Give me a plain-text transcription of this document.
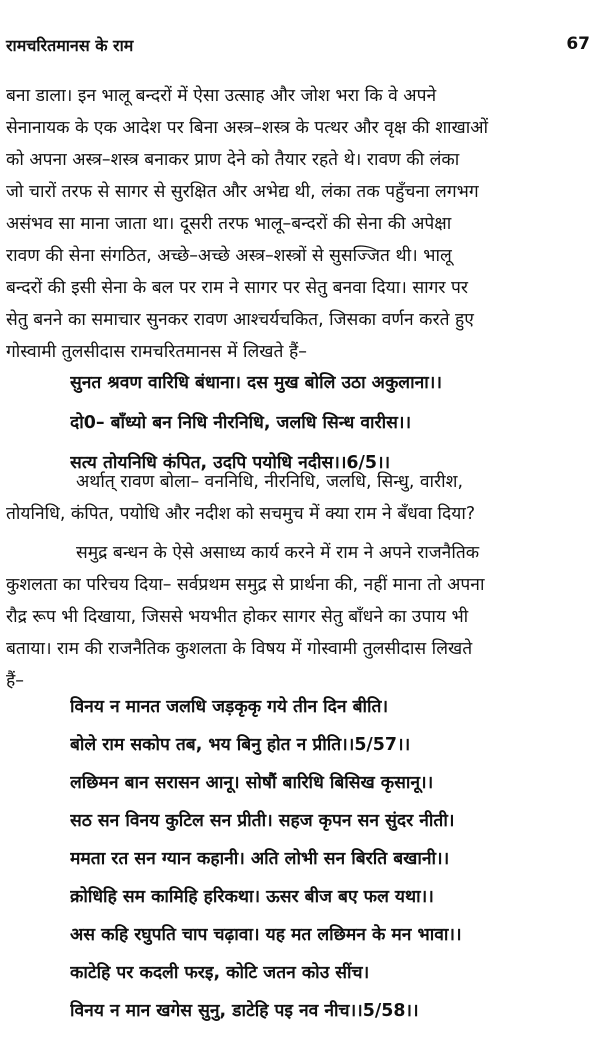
रामचरितमानस के राम	67
बना डाला। इन भालू बन्दरों में ऐसा उत्साह और जोश भरा कि वे अपने
सेनानायक के एक आदेश पर बिना अस्त्र–शस्त्र के पत्थर और वृक्ष की शाखाओं
को अपना अस्त्र–शस्त्र बनाकर प्राण देने को तैयार रहते थे। रावण की लंका
जो चारों तरफ से सागर से सुरक्षित और अभेद्य थी, लंका तक पहुँचना लगभग
असंभव सा माना जाता था। दूसरी तरफ भालू–बन्दरों की सेना की अपेक्षा
रावण की सेना संगठित, अच्छे–अच्छे अस्त्र–शस्त्रों से सुसज्जित थी। भालू
बन्दरों की इसी सेना के बल पर राम ने सागर पर सेतु बनवा दिया। सागर पर
सेतु बनने का समाचार सुनकर रावण आश्चर्यचकित, जिसका वर्णन करते हुए
गोस्वामी तुलसीदास रामचरितमानस में लिखते हैं–
सुनत श्रवण वारिधि बंधाना। दस मुख बोलि उठा अकुलाना।।
दो0– बाँध्यो बन निधि नीरनिधि, जलधि सिन्ध वारीस।।
सत्य तोयनिधि कंपित, उदपि पयोधि नदीस।।6/5।।
अर्थात् रावण बोला– वननिधि, नीरनिधि, जलधि, सिन्धु, वारीश,
तोयनिधि, कंपित, पयोधि और नदीश को सचमुच में क्या राम ने बँधवा दिया?
समुद्र बन्धन के ऐसे असाध्य कार्य करने में राम ने अपने राजनैतिक
कुशलता का परिचय दिया– सर्वप्रथम समुद्र से प्रार्थना की, नहीं माना तो अपना
रौद्र रूप भी दिखाया, जिससे भयभीत होकर सागर सेतु बाँधने का उपाय भी
बताया। राम की राजनैतिक कुशलता के विषय में गोस्वामी तुलसीदास लिखते
हैं–
विनय न मानत जलधि जड़कृकृ गये तीन दिन बीति।
बोले राम सकोप तब, भय बिनु होत न प्रीति।।5/57।।
लछिमन बान सरासन आनू। सोषौं बारिधि बिसिख कृसानू।।
सठ सन विनय कुटिल सन प्रीती। सहज कृपन सन सुंदर नीती।
ममता रत सन ग्यान कहानी। अति लोभी सन बिरति बखानी।।
क्रोधिहि सम कामिहि हरिकथा। ऊसर बीज बए फल यथा।।
अस कहि रघुपति चाप चढ़ावा। यह मत लछिमन के मन भावा।।
काटेहि पर कदली फरइ, कोटि जतन कोउ सींच।
विनय न मान खगेस सुनु, डाटेहि पइ नव नीच।।5/58।।
